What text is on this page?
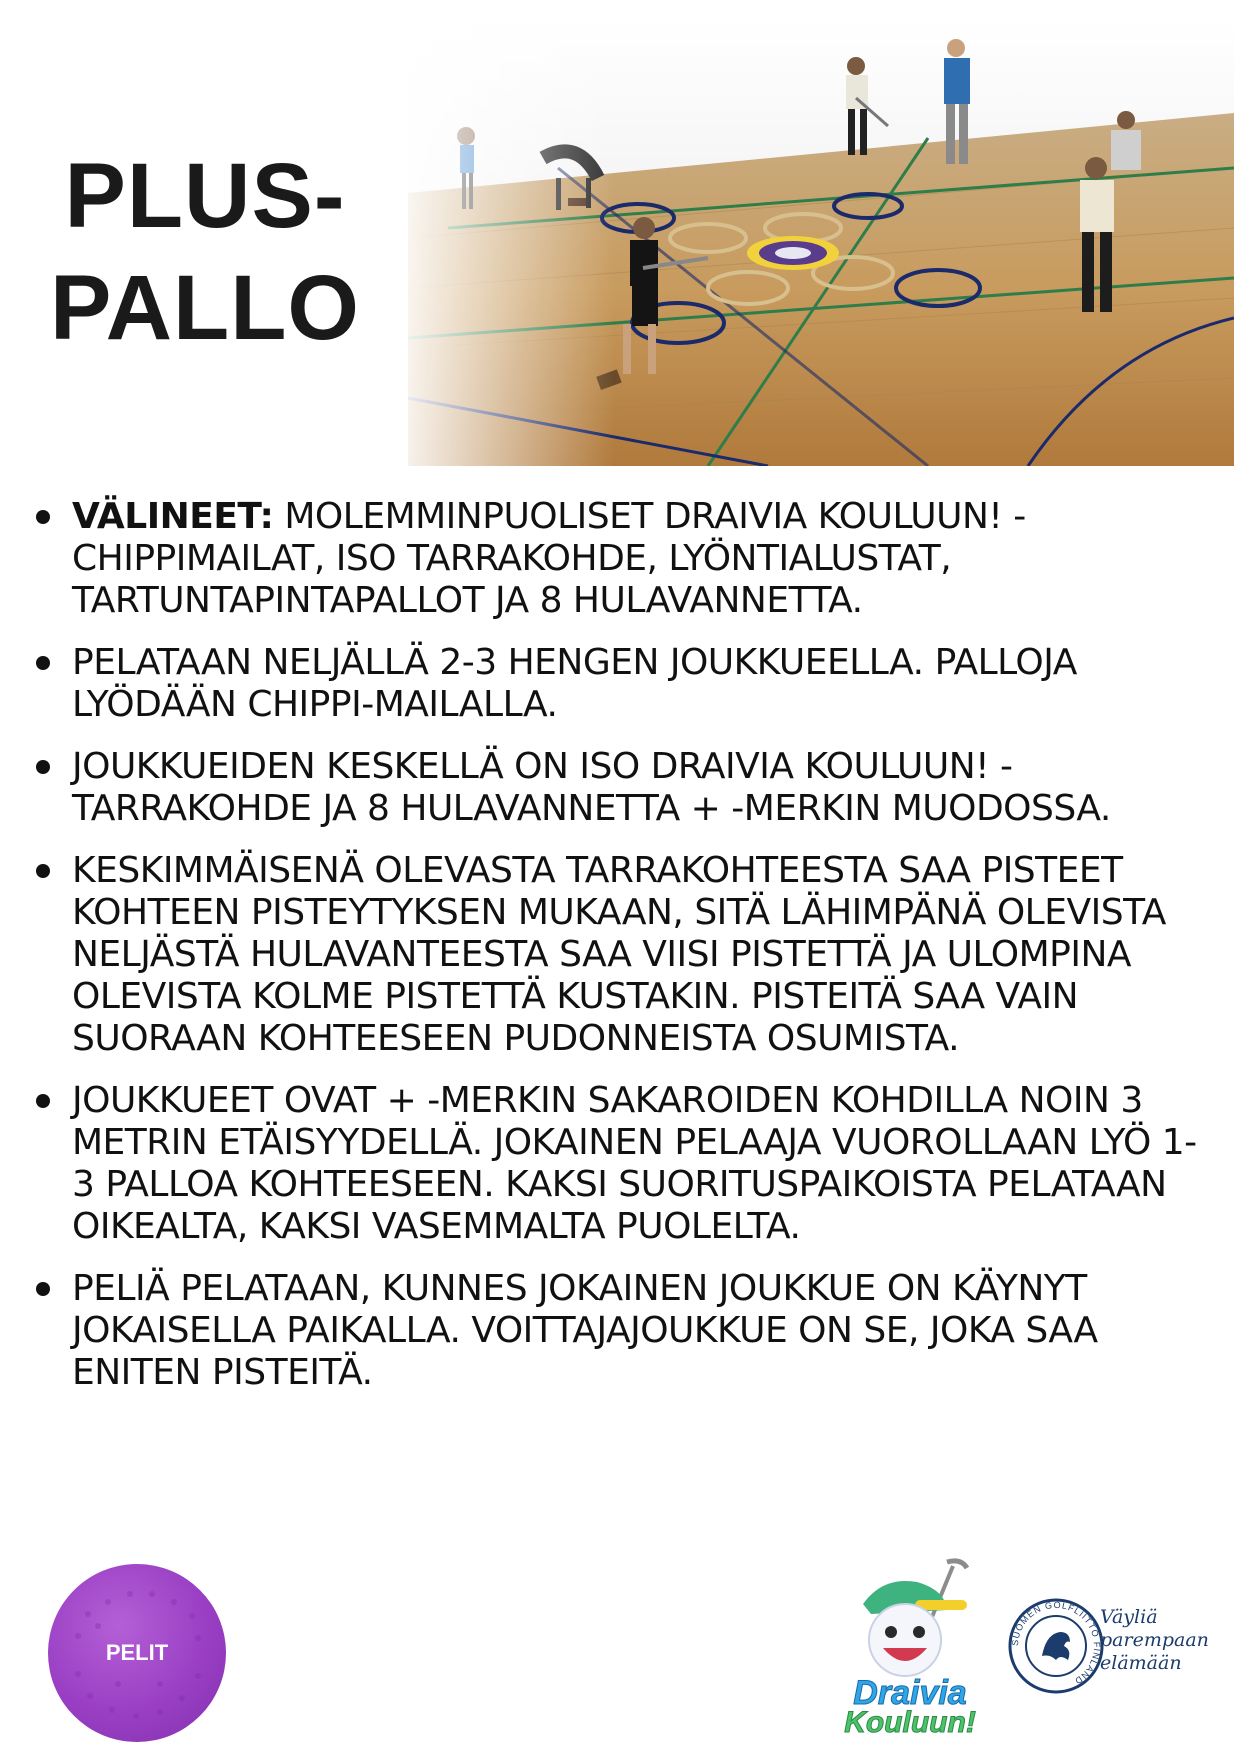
PLUS-
PALLO
VÄLINEET: MOLEMMINPUOLISET DRAIVIA KOULUUN! -CHIPPIMAILAT, ISO TARRAKOHDE, LYÖNTIALUSTAT, TARTUNTAPINTAPALLOT JA 8 HULAVANNETTA.
PELATAAN NELJÄLLÄ 2-3 HENGEN JOUKKUEELLA. PALLOJA LYÖDÄÄN CHIPPI-MAILALLA.
JOUKKUEIDEN KESKELLÄ ON ISO DRAIVIA KOULUUN! -TARRAKOHDE JA 8 HULAVANNETTA + -MERKIN MUODOSSA.
KESKIMMÄISENÄ OLEVASTA TARRAKOHTEESTA SAA PISTEET KOHTEEN PISTEYTYKSEN MUKAAN, SITÄ LÄHIMPÄNÄ OLEVISTA NELJÄSTÄ HULAVANTEESTA SAA VIISI PISTETTÄ JA ULOMPINA OLEVISTA KOLME PISTETTÄ KUSTAKIN. PISTEITÄ SAA VAIN SUORAAN KOHTEESEEN PUDONNEISTA OSUMISTA.
JOUKKUEET OVAT + -MERKIN SAKAROIDEN KOHDILLA NOIN 3 METRIN ETÄISYYDELLÄ. JOKAINEN PELAAJA VUOROLLAAN LYÖ 1-3 PALLOA KOHTEESEEN. KAKSI SUORITUSPAIKOISTA PELATAAN OIKEALTA, KAKSI VASEMMALTA PUOLELTA.
PELIÄ PELATAAN, KUNNES JOKAINEN JOUKKUE ON KÄYNYT JOKAISELLA PAIKALLA. VOITTAJAJOUKKUE ON SE, JOKA SAA ENITEN PISTEITÄ.
PELIT
Draivia
Kouluun!
SUOMEN GOLFLIITTO FINLAND
Väyliä
parempaan
elämään
